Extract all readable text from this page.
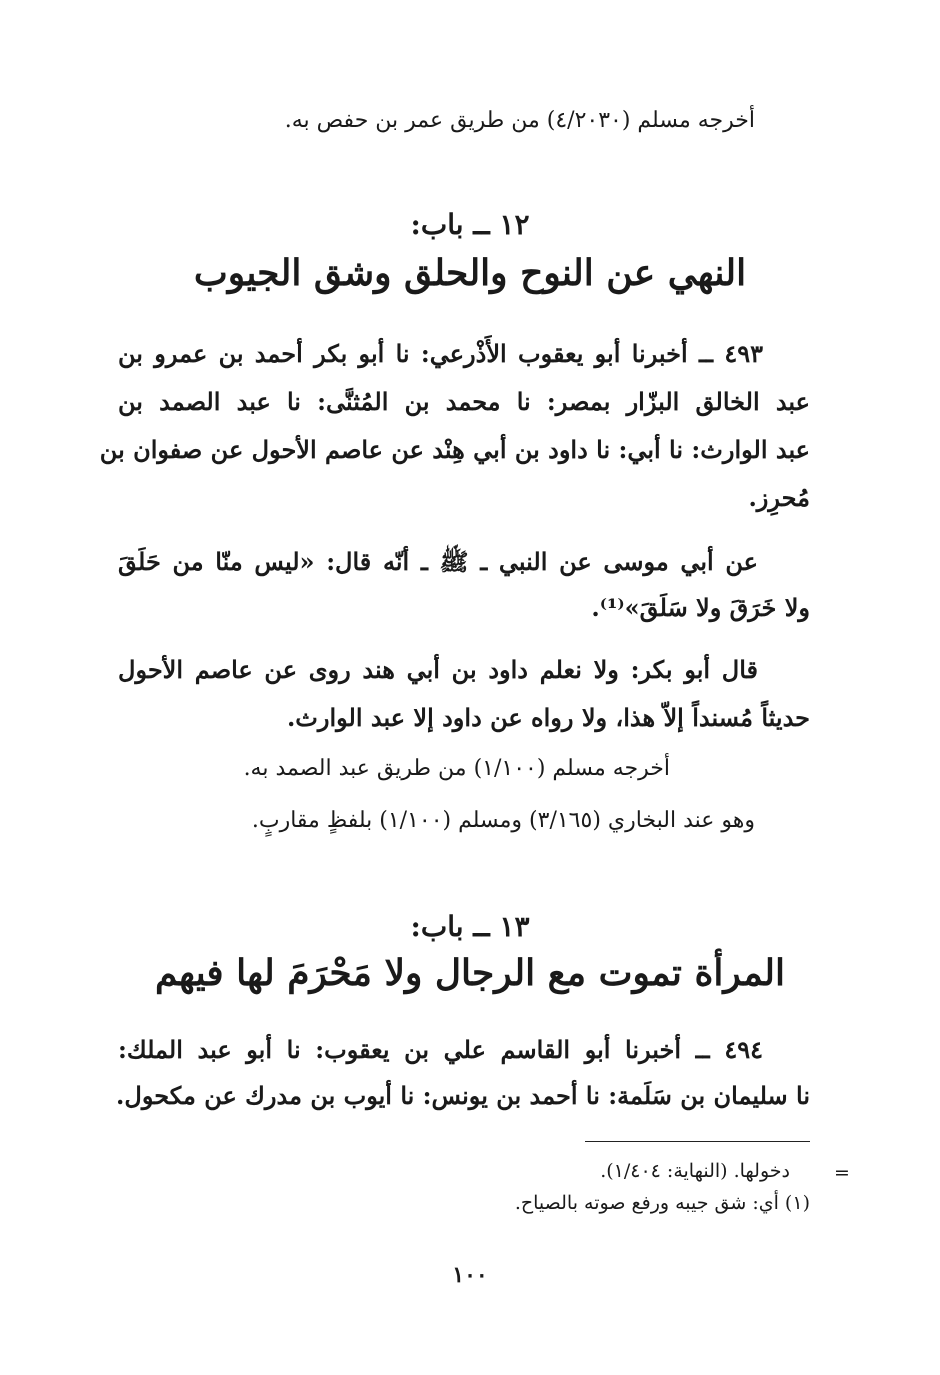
أخرجه مسلم (٤/٢٠٣٠) من طريق عمر بن حفص به.
١٢ ــ باب:
النهي عن النوح والحلق وشق الجيوب
٤٩٣ ــ أخبرنا أبو يعقوب الأَذْرعي: نا أبو بكر أحمد بن عمرو بن
عبد الخالق البزّار بمصر: نا محمد بن المُثنَّى: نا عبد الصمد بن
عبد الوارث: نا أبي: نا داود بن أبي هِنْد عن عاصم الأحول عن صفوان بن
مُحرِز.
عن أبي موسى عن النبي ـ ﷺ ـ أنّه قال: «ليس منّا من حَلَقَ
ولا خَرَقَ ولا سَلَقَ»⁽¹⁾.
قال أبو بكر: ولا نعلم داود بن أبي هند روى عن عاصم الأحول
حديثاً مُسنداً إلاّ هذا، ولا رواه عن داود إلا عبد الوارث.
أخرجه مسلم (١/١٠٠) من طريق عبد الصمد به.
وهو عند البخاري (٣/١٦٥) ومسلم (١/١٠٠) بلفظٍ مقاربٍ.
١٣ ــ باب:
المرأة تموت مع الرجال ولا مَحْرَمَ لها فيهم
٤٩٤ ــ أخبرنا أبو القاسم علي بن يعقوب: نا أبو عبد الملك:
نا سليمان بن سَلَمة: نا أحمد بن يونس: نا أيوب بن مدرك عن مكحول.
=
دخولها. (النهاية: ١/٤٠٤).
(١) أي: شق جيبه ورفع صوته بالصياح.
١٠٠
